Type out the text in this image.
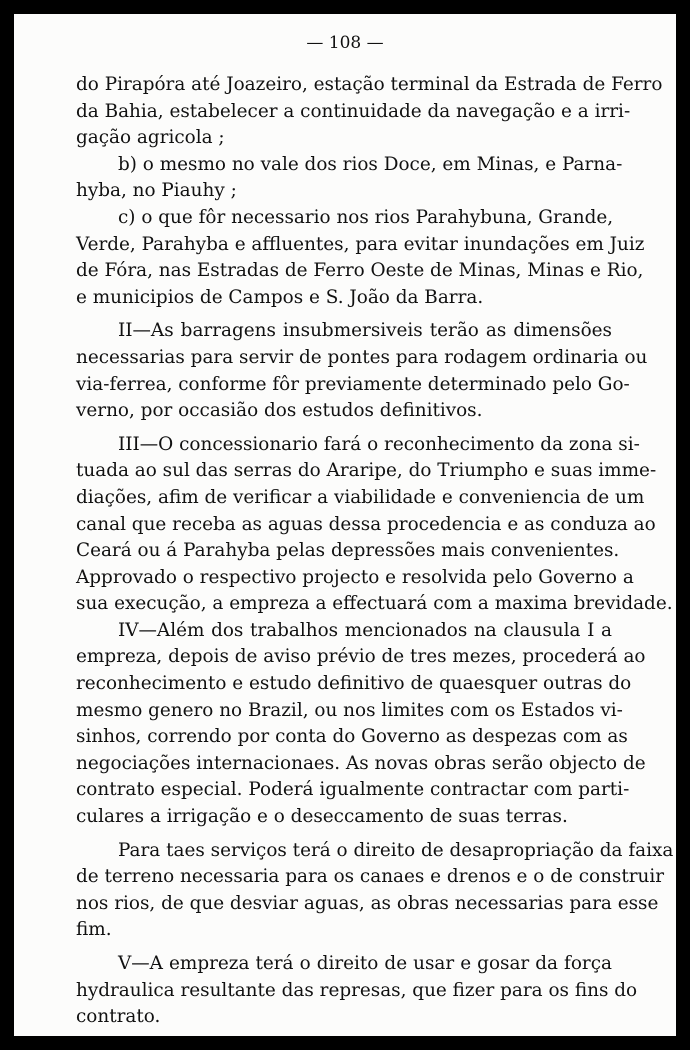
— 108 —
do Pirapóra até Joazeiro, estação terminal da Estrada de Ferro
da Bahia, estabelecer a continuidade da navegação e a irri-
gação agricola ;
b) o mesmo no vale dos rios Doce, em Minas, e Parna-
hyba, no Piauhy ;
c) o que fôr necessario nos rios Parahybuna, Grande,
Verde, Parahyba e affluentes, para evitar inundações em Juiz
de Fóra, nas Estradas de Ferro Oeste de Minas, Minas e Rio,
e municipios de Campos e S. João da Barra.
II—As barragens insubmersiveis terão as dimensões
necessarias para servir de pontes para rodagem ordinaria ou
via-ferrea, conforme fôr previamente determinado pelo Go-
verno, por occasião dos estudos definitivos.
III—O concessionario fará o reconhecimento da zona si-
tuada ao sul das serras do Araripe, do Triumpho e suas imme-
diações, afim de verificar a viabilidade e conveniencia de um
canal que receba as aguas dessa procedencia e as conduza ao
Ceará ou á Parahyba pelas depressões mais convenientes.
Approvado o respectivo projecto e resolvida pelo Governo a
sua execução, a empreza a effectuará com a maxima brevidade.
IV—Além dos trabalhos mencionados na clausula I a
empreza, depois de aviso prévio de tres mezes, procederá ao
reconhecimento e estudo definitivo de quaesquer outras do
mesmo genero no Brazil, ou nos limites com os Estados vi-
sinhos, correndo por conta do Governo as despezas com as
negociações internacionaes. As novas obras serão objecto de
contrato especial. Poderá igualmente contractar com parti-
culares a irrigação e o deseccamento de suas terras.
Para taes serviços terá o direito de desapropriação da faixa
de terreno necessaria para os canaes e drenos e o de construir
nos rios, de que desviar aguas, as obras necessarias para esse
fim.
V—A empreza terá o direito de usar e gosar da força
hydraulica resultante das represas, que fizer para os fins do
contrato.
